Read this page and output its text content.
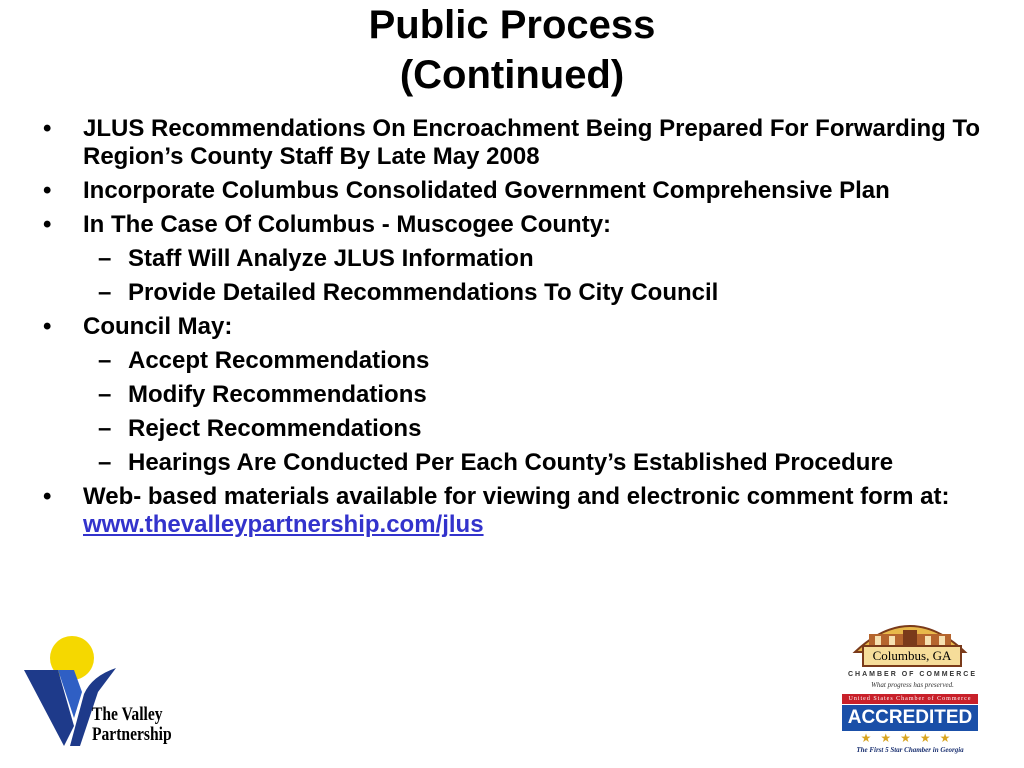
Public Process
(Continued)
• JLUS Recommendations On Encroachment Being Prepared For Forwarding To Region’s County Staff By Late May 2008
• Incorporate Columbus Consolidated Government Comprehensive Plan
• In The Case Of Columbus - Muscogee County:
– Staff Will Analyze JLUS Information
– Provide Detailed Recommendations To City Council
• Council May:
– Accept Recommendations
– Modify Recommendations
– Reject Recommendations
– Hearings Are Conducted Per Each County’s Established Procedure
• Web- based materials available for viewing and electronic comment form at: www.thevalleypartnership.com/jlus
The Valley
Partnership
Columbus, GA
CHAMBER OF COMMERCE
What progress has preserved.
United States Chamber of Commerce
ACCREDITED
★★★★★
The First 5 Star Chamber in Georgia
